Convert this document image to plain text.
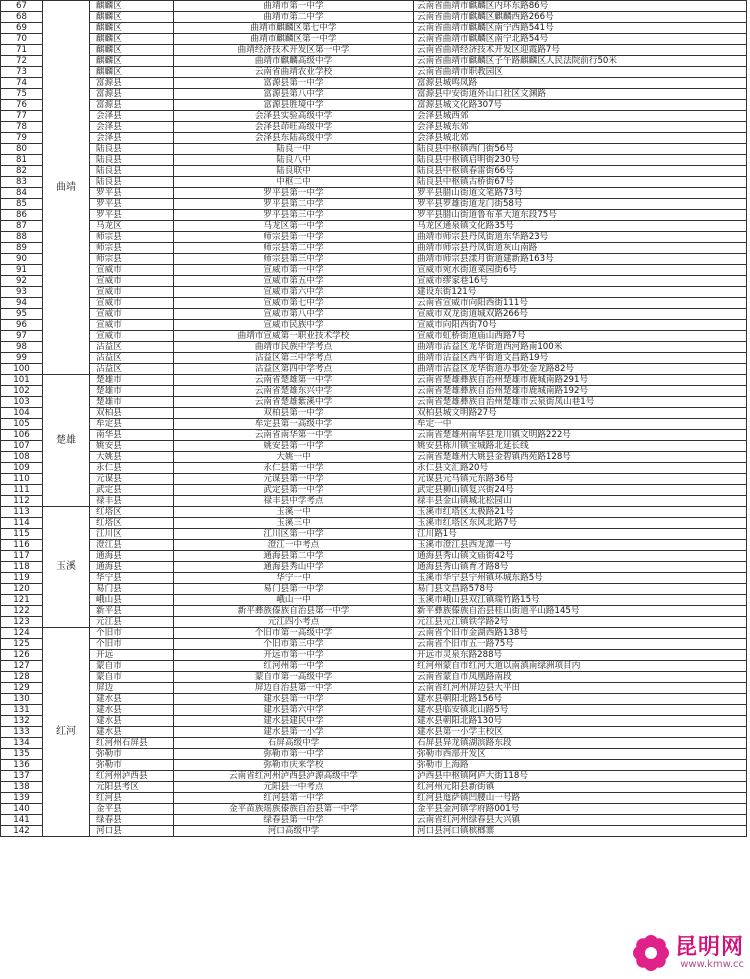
67	曲靖	麒麟区	曲靖市第一中学	云南省曲靖市麒麟区内环东路86号
68		麒麟区	曲靖市第二中学	云南省曲靖市麒麟区麒麟西路266号
69		麒麟区	曲靖市麒麟区第七中学	云南省曲靖市麒麟区南宁西路541号
70		麒麟区	曲靖市麒麟区第一中学	云南省曲靖市麒麟区南宁北路54号
71		麒麟区	曲靖经济技术开发区第一中学	云南省曲靖经济技术开发区迎霞路7号
72		麒麟区	曲靖市麒麟高级中学	云南省曲靖市麒麟区子午路麒麟区人民法院前行50米
73		麒麟区	云南省曲靖农业学校	云南省曲靖市职教园区
74		富源县	富源县第一中学	富源县城鸣凤路
75		富源县	富源县第八中学	富源县中安街道外山口社区文渊路
76		富源县	富源县胜境中学	富源县城文化路307号
77		会泽县	会泽县实验高级中学	会泽县城西郊
78		会泽县	会泽县茚旺高级中学	会泽县城东郊
79		会泽县	会泽县东陆高级中学	会泽县城北郊
80		陆良县	陆良一中	陆良县中枢镇西门街56号
81		陆良县	陆良八中	陆良县中枢镇启明街230号
82		陆良县	陆良联中	陆良县中枢镇春雷街66号
83		陆良县	中枢二中	陆良县中枢镇古桥街67号
84		罗平县	罗平县第一中学	罗平县腊山街道文笔路73号
85		罗平县	罗平县第二中学	罗平县罗雄街道龙门街58号
86		罗平县	罗平县第三中学	罗平县腊山街道鲁布革大道东段75号
87		马龙区	马龙区第一中学	马龙区通泉镇文化路35号
88		师宗县	师宗县第一中学	曲靖市师宗县丹凤街道东华路23号
89		师宗县	师宗县第二中学	曲靖市师宗县丹凤街道灰山南路
90		师宗县	师宗县第三中学	曲靖市师宗县漾月街道建新路163号
91		宣威市	宣威市第一中学	宣威市宛水街道菜园街6号
92		宣威市	宣威市第五中学	宣威市缪家巷16号
93		宣威市	宣威市第六中学	建设东街121号
94		宣威市	宣威市第七中学	云南省宣威市向阳西街111号
95		宣威市	宣威市第八中学	宣威市双龙街道城双路266号
96		宣威市	宣威市民族中学	宣威市向阳西街70号
97		宣威市	曲靖市宣威第一职业技术学校	宣威市虹桥街道庙山西路7号
98		沾益区	曲靖市民族中学考点	曲靖市沾益区龙华街道西河路南100米
99		沾益区	沾益区第三中学考点	曲靖市沾益区西平街道文昌路19号
100		沾益区	沾益区第四中学考点	曲靖市沾益区龙华街道办事处金龙路82号
101	楚雄	楚雄市	云南省楚雄第一中学	云南省楚雄彝族自治州楚雄市鹿城南路291号
102		楚雄市	云南省楚雄东兴中学	云南省楚雄彝族自治州楚雄市鹿城南路192号
103		楚雄市	云南省楚雄紫溪中学	云南省楚雄彝族自治州楚雄市云泉街凤山巷1号
104		双柏县	双柏县第一中学	双柏县城文明路27号
105		牟定县	牟定县第一高级中学	牟定一中
106		南华县	云南省南华第一中学	云南省楚雄州南华县龙川镇文明路222号
107		姚安县	姚安县第一中学	姚安县栋川镇宝城路北延长线
108		大姚县	大姚一中	云南省楚雄州大姚县金碧镇西苑路128号
109		永仁县	永仁县第一中学	永仁县文汇路20号
110		元谋县	元谋县第一中学	元谋县元马镇元东路36号
111		武定县	武定县第一中学	武定县狮山镇复兴街24号
112		禄丰县	禄丰县中学考点	禄丰县金山镇城北松园山
113	玉溪	红塔区	玉溪一中	玉溪市红塔区太极路21号
114		红塔区	玉溪三中	玉溪市红塔区东风北路7号
115		江川区	江川区第一中学	江川路1号
116		澄江县	澄江一中考点	玉溪市澄江县西龙潭一号
117		通海县	通海县第二中学	通海县秀山镇文庙街42号
118		通海县	通海县秀山中学	通海县秀山镇育才路8号
119		华宁县	华宁一中	玉溪市华宁县宁州镇环城东路5号
120		易门县	易门县第一中学	易门县文昌路578号
121		峨山县	峨山一中	玉溪市峨山县双江镇瑞竹路15号
122		新平县	新平彝族傣族自治县第一中学	新平彝族傣族自治县桂山街道平山路145号
123		元江县	元江四小考点	元江县元江镇铁学路2号
124	红河	个旧市	个旧市第一高级中学	云南省个旧市金湖西路138号
125		个旧市	个旧市第三中学	云南省个旧市五一路75号
126		开远	开远市第一中学	开远市灵泉东路288号
127		蒙自市	红河州第一中学	红河州蒙自市红河大道以南滇南绿洲项目内
128		蒙自市	蒙自市第一高级中学	云南省蒙自市凤凰路南段
129		屏边	屏边自治县第一中学	云南省红河州屏边县大平田
130		建水县	建水县第一中学	建水县朝阳北路156号
131		建水县	建水县第六中学	建水县临安镇北山路5号
132		建水县	建水县建民中学	建水县朝阳北路130号
133		建水县	建水县第一小学	建水县第一小学主校区
134		红河州石屏县	石屏高级中学	石屏县异龙镇湖滨路东段
135		弥勒市	弥勒市第一中学	弥勒市西部开发区
136		弥勒市	弥勒市庆来学校	弥勒市上海路
137		红河州泸西县	云南省红河州泸西县泸源高级中学	泸西县中枢镇阿庐大街118号
138		元阳县考区	元阳县一中考点	红河州元阳县新街镇
139		红河县	红河县第一中学	红河县迤萨镇凹腰山一号路
140		金平县	金平苗族瑶族傣族自治县第一中学	金平县金河镇学府路001号
141		绿春县	绿春县第一中学	云南省红河州绿春县大兴镇
142		河口县	河口高级中学	河口县河口镇槟榔寨
昆明网
www.kmw.cc
